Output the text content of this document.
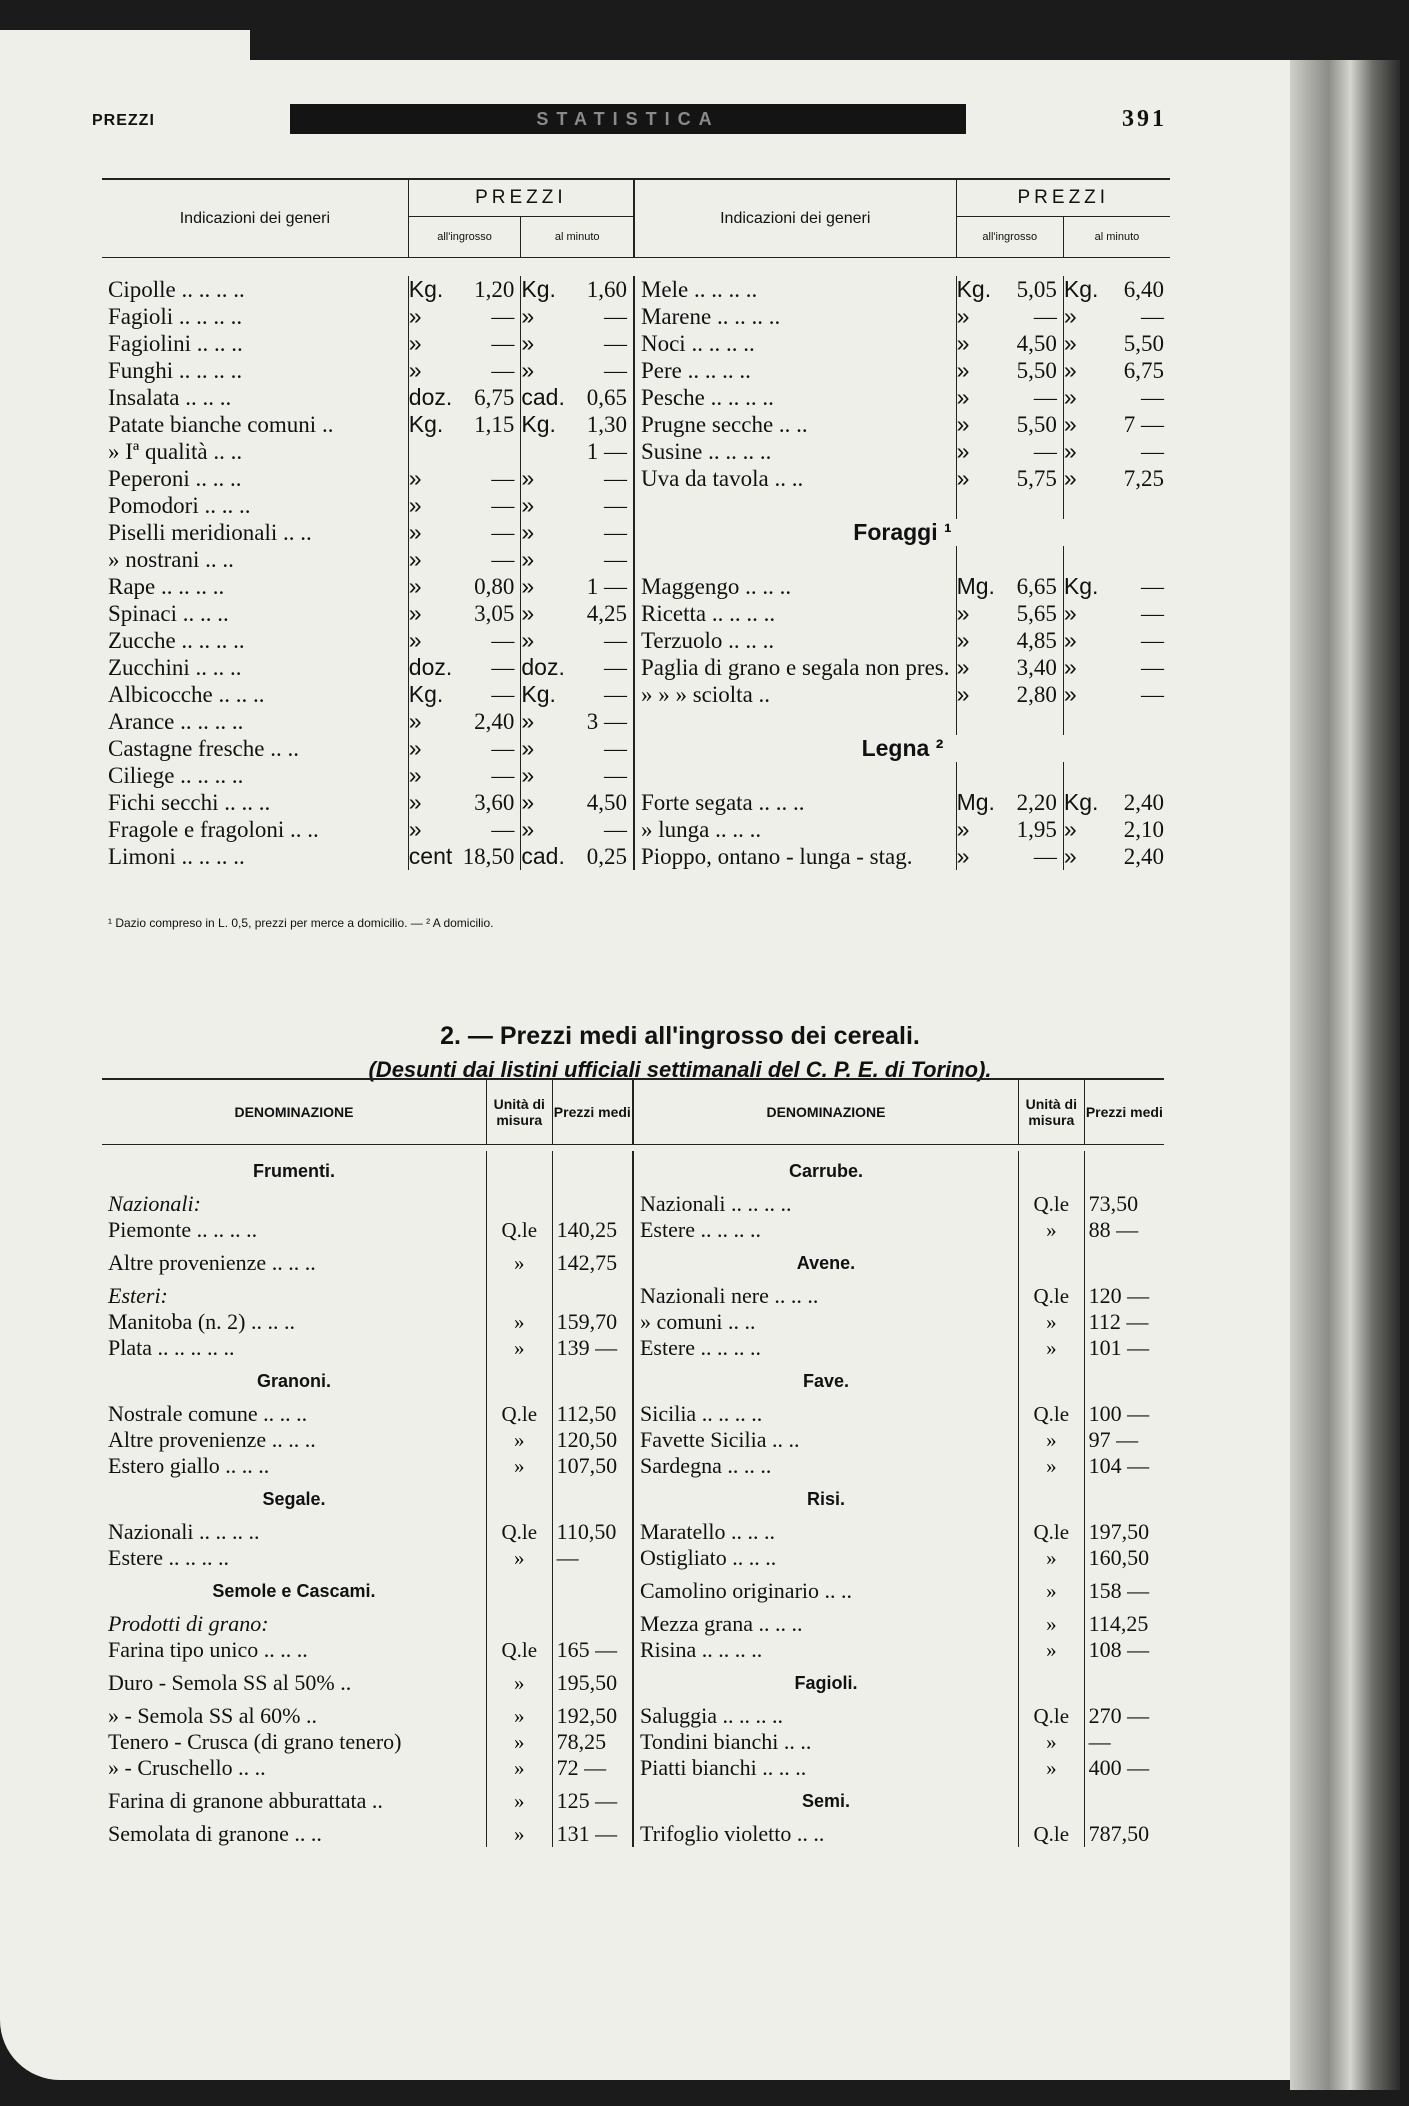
PREZZI	STATISTICA	391
Indicazioni dei generi	PREZZI				Indicazioni dei generi	PREZZI			
	all'ingrosso		al minuto			all'ingrosso		al minuto	

Cipolle .. .. .. ..	Kg.	1,20	Kg.	1,60	Mele .. .. .. ..	Kg.	5,05	Kg.	6,40
Fagioli .. .. .. ..	»	—	»	—	Marene .. .. .. ..	»	—	»	—
Fagiolini .. .. ..	»	—	»	—	Noci .. .. .. ..	»	4,50	»	5,50
Funghi .. .. .. ..	»	—	»	—	Pere .. .. .. ..	»	5,50	»	6,75
Insalata .. .. ..	doz.	6,75	cad.	0,65	Pesche .. .. .. ..	»	—	»	—
Patate bianche comuni ..	Kg.	1,15	Kg.	1,30	Prugne secche .. ..	»	5,50	»	7 —
» Iª qualità .. ..				1 —	Susine .. .. .. ..	»	—	»	—
Peperoni .. .. ..	»	—	»	—	Uva da tavola .. ..	»	5,75	»	7,25
Pomodori .. .. ..	»	—	»	—					
Piselli meridionali .. ..	»	—	»	—	Foraggi ¹				
» nostrani .. ..	»	—	»	—					
Rape .. .. .. ..	»	0,80	»	1 —	Maggengo .. .. ..	Mg.	6,65	Kg.	—
Spinaci .. .. ..	»	3,05	»	4,25	Ricetta .. .. .. ..	»	5,65	»	—
Zucche .. .. .. ..	»	—	»	—	Terzuolo .. .. ..	»	4,85	»	—
Zucchini .. .. ..	doz.	—	doz.	—	Paglia di grano e segala non pres.	»	3,40	»	—
Albicocche .. .. ..	Kg.	—	Kg.	—	» » » sciolta ..	»	2,80	»	—
Arance .. .. .. ..	»	2,40	»	3 —					
Castagne fresche .. ..	»	—	»	—	Legna ²				
Ciliege .. .. .. ..	»	—	»	—					
Fichi secchi .. .. ..	»	3,60	»	4,50	Forte segata .. .. ..	Mg.	2,20	Kg.	2,40
Fragole e fragoloni .. ..	»	—	»	—	» lunga .. .. ..	»	1,95	»	2,10
Limoni .. .. .. ..	cent	18,50	cad.	0,25	Pioppo, ontano - lunga - stag.	»	—	»	2,40
¹ Dazio compreso in L. 0,5, prezzi per merce a domicilio. — ² A domicilio.
2. — Prezzi medi all'ingrosso dei cereali.
(Desunti dai listini ufficiali settimanali del C. P. E. di Torino).
DENOMINAZIONE	Unità di misura	Prezzi medi	DENOMINAZIONE	Unità di misura	Prezzi medi

Frumenti.			Carrube.		
Nazionali:			Nazionali .. .. .. ..	Q.le	73,50
Piemonte .. .. .. ..	Q.le	140,25	Estere .. .. .. ..	»	88 —
Altre provenienze .. .. ..	»	142,75	Avene.		
Esteri:			Nazionali nere .. .. ..	Q.le	120 —
Manitoba (n. 2) .. .. ..	»	159,70	» comuni .. ..	»	112 —
Plata .. .. .. .. ..	»	139 —	Estere .. .. .. ..	»	101 —
Granoni.			Fave.		
Nostrale comune .. .. ..	Q.le	112,50	Sicilia .. .. .. ..	Q.le	100 —
Altre provenienze .. .. ..	»	120,50	Favette Sicilia .. ..	»	97 —
Estero giallo .. .. ..	»	107,50	Sardegna .. .. ..	»	104 —
Segale.			Risi.		
Nazionali .. .. .. ..	Q.le	110,50	Maratello .. .. ..	Q.le	197,50
Estere .. .. .. ..	»	—	Ostigliato .. .. ..	»	160,50
Semole e Cascami.			Camolino originario .. ..	»	158 —
Prodotti di grano:			Mezza grana .. .. ..	»	114,25
Farina tipo unico .. .. ..	Q.le	165 —	Risina .. .. .. ..	»	108 —
Duro - Semola SS al 50% ..	»	195,50	Fagioli.		
» - Semola SS al 60% ..	»	192,50	Saluggia .. .. .. ..	Q.le	270 —
Tenero - Crusca (di grano tenero)	»	78,25	Tondini bianchi .. ..	»	—
» - Cruschello .. ..	»	72 —	Piatti bianchi .. .. ..	»	400 —
Farina di granone abburattata ..	»	125 —	Semi.		
Semolata di granone .. ..	»	131 —	Trifoglio violetto .. ..	Q.le	787,50
